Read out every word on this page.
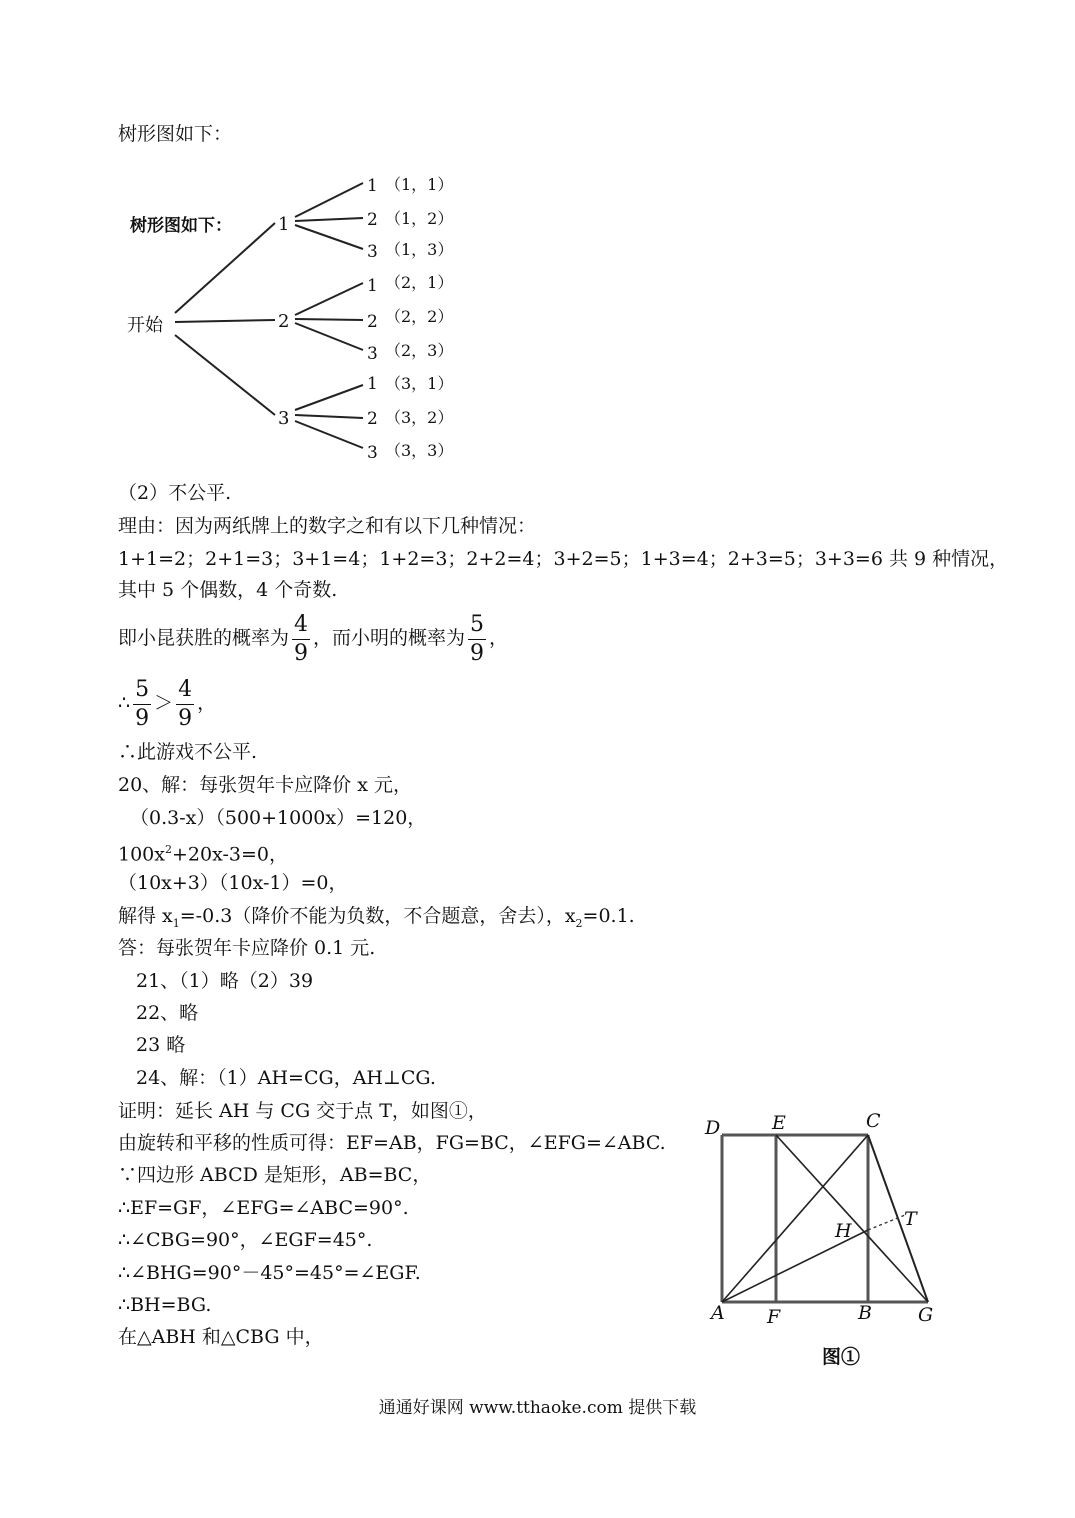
树形图如下：
树形图如下：
开始
1
2
3
1 （1，1）
2 （1，2）
3 （1，3）
1 （2，1）
2 （2，2）
3 （2，3）
1 （3，1）
2 （3，2）
3 （3，3）
（2）不公平.
理由：因为两纸牌上的数字之和有以下几种情况：
1+1=2；2+1=3；3+1=4；1+2=3；2+2=4；3+2=5；1+3=4；2+3=5；3+3=6 共 9 种情况，
其中 5 个偶数，4 个奇数.
即小昆获胜的概率为 $\frac{4}{9}$ ，而小明的概率为 $\frac{5}{9}$ ，
∴ $\frac{5}{9} > \frac{4}{9}$ ，
∴此游戏不公平.
20、解：每张贺年卡应降价 x 元，
（0.3-x）（500+1000x）=120，
$100x^2+20x-3=0$，
（10x+3）（10x-1）=0，
解得 $x_1=-0.3$（降价不能为负数，不合题意，舍去），$x_2=0.1$.
答：每张贺年卡应降价 0.1 元.
21、（1）略（2）39
22、略
23 略
24、解：（1）AH=CG，AH⊥CG.
证明：延长 AH 与 CG 交于点 T，如图①，
由旋转和平移的性质可得：EF=AB，FG=BC，∠EFG=∠ABC.
∵四边形 ABCD 是矩形，AB=BC，
∴EF=GF，∠EFG=∠ABC=90°.
∴∠CBG=90°，∠EGF=45°.
∴∠BHG=90°－45°=45°=∠EGF.
∴BH=BG.
在△ABH 和△CBG 中，
D	E	C
H
T
A F	B G
图①
通通好课网 www.tthaoke.com 提供下载
